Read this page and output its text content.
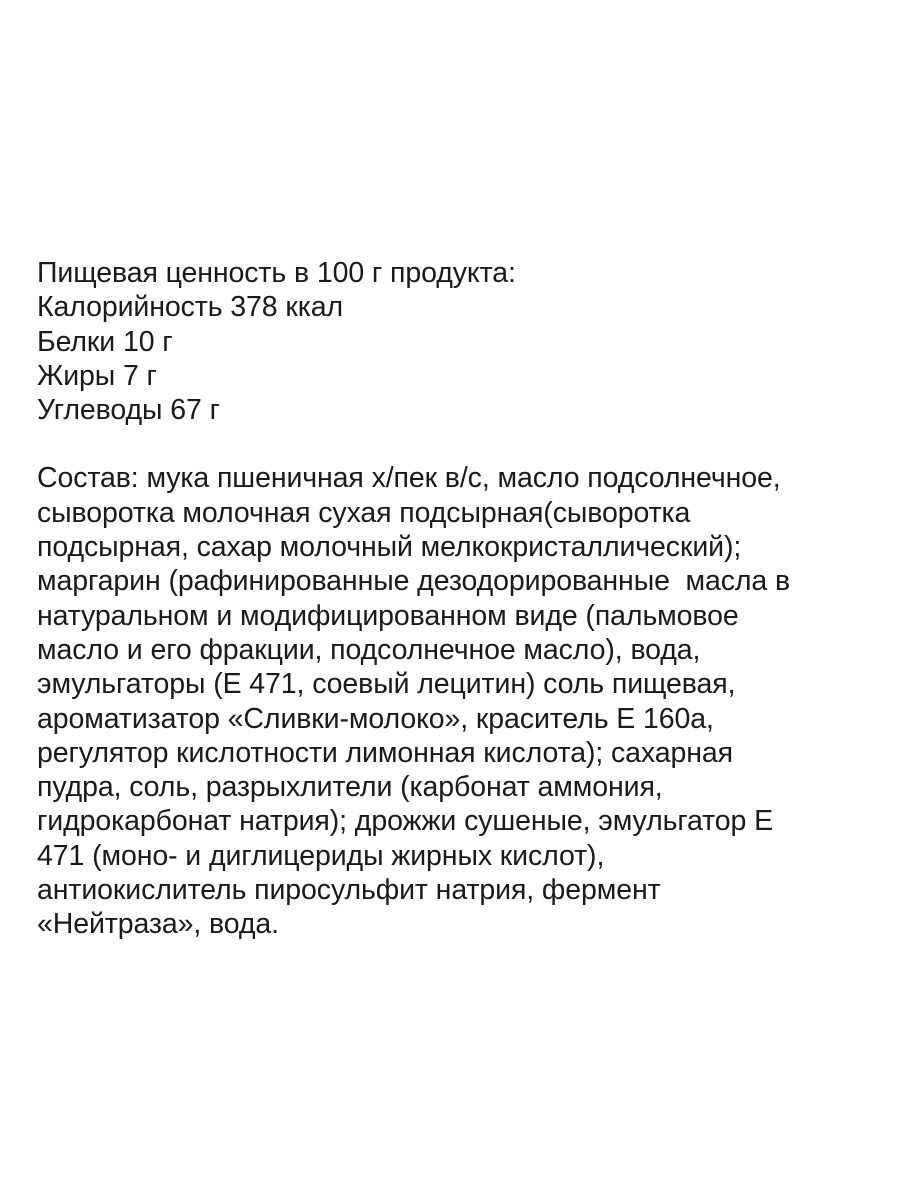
Пищевая ценность в 100 г продукта:
Калорийность 378 ккал
Белки 10 г
Жиры 7 г
Углеводы 67 г
Состав: мука пшеничная х/пек в/с, масло подсолнечное,
сыворотка молочная сухая подсырная(сыворотка
подсырная, сахар молочный мелкокристаллический);
маргарин (рафинированные дезодорированные  масла в
натуральном и модифицированном виде (пальмовое
масло и его фракции, подсолнечное масло), вода,
эмульгаторы (Е 471, соевый лецитин) соль пищевая,
ароматизатор «Сливки-молоко», краситель Е 160а,
регулятор кислотности лимонная кислота); сахарная
пудра, соль, разрыхлители (карбонат аммония,
гидрокарбонат натрия); дрожжи сушеные, эмульгатор Е
471 (моно- и диглицериды жирных кислот),
антиокислитель пиросульфит натрия, фермент
«Нейтраза», вода.
